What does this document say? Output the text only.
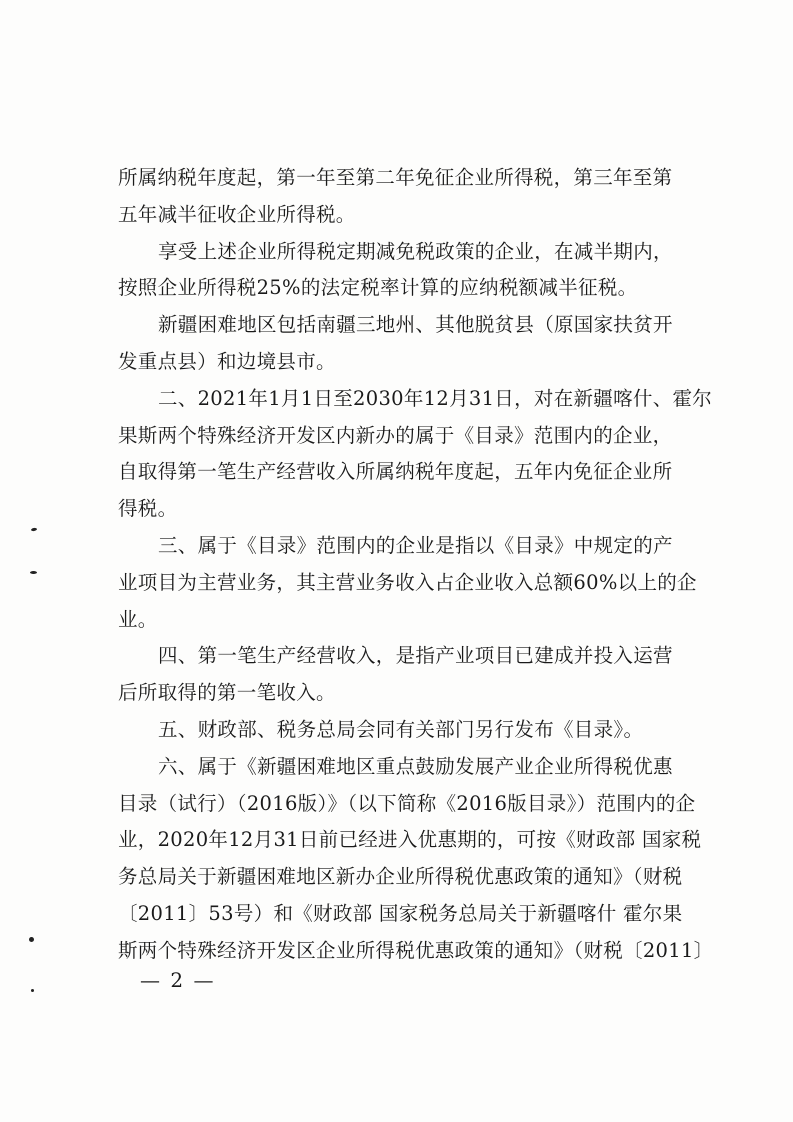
所属纳税年度起，第一年至第二年免征企业所得税，第三年至第
五年减半征收企业所得税。
享受上述企业所得税定期减免税政策的企业，在减半期内，
按照企业所得税25%的法定税率计算的应纳税额减半征税。
新疆困难地区包括南疆三地州、其他脱贫县（原国家扶贫开
发重点县）和边境县市。
二、2021年1月1日至2030年12月31日，对在新疆喀什、霍尔
果斯两个特殊经济开发区内新办的属于《目录》范围内的企业，
自取得第一笔生产经营收入所属纳税年度起，五年内免征企业所
得税。
三、属于《目录》范围内的企业是指以《目录》中规定的产
业项目为主营业务，其主营业务收入占企业收入总额60%以上的企
业。
四、第一笔生产经营收入，是指产业项目已建成并投入运营
后所取得的第一笔收入。
五、财政部、税务总局会同有关部门另行发布《目录》。
六、属于《新疆困难地区重点鼓励发展产业企业所得税优惠
目录（试行）（2016版）》（以下简称《2016版目录》）范围内的企
业，2020年12月31日前已经进入优惠期的，可按《财政部 国家税
务总局关于新疆困难地区新办企业所得税优惠政策的通知》（财税
〔2011〕53号）和《财政部 国家税务总局关于新疆喀什 霍尔果
斯两个特殊经济开发区企业所得税优惠政策的通知》（财税〔2011〕
— 2 —
